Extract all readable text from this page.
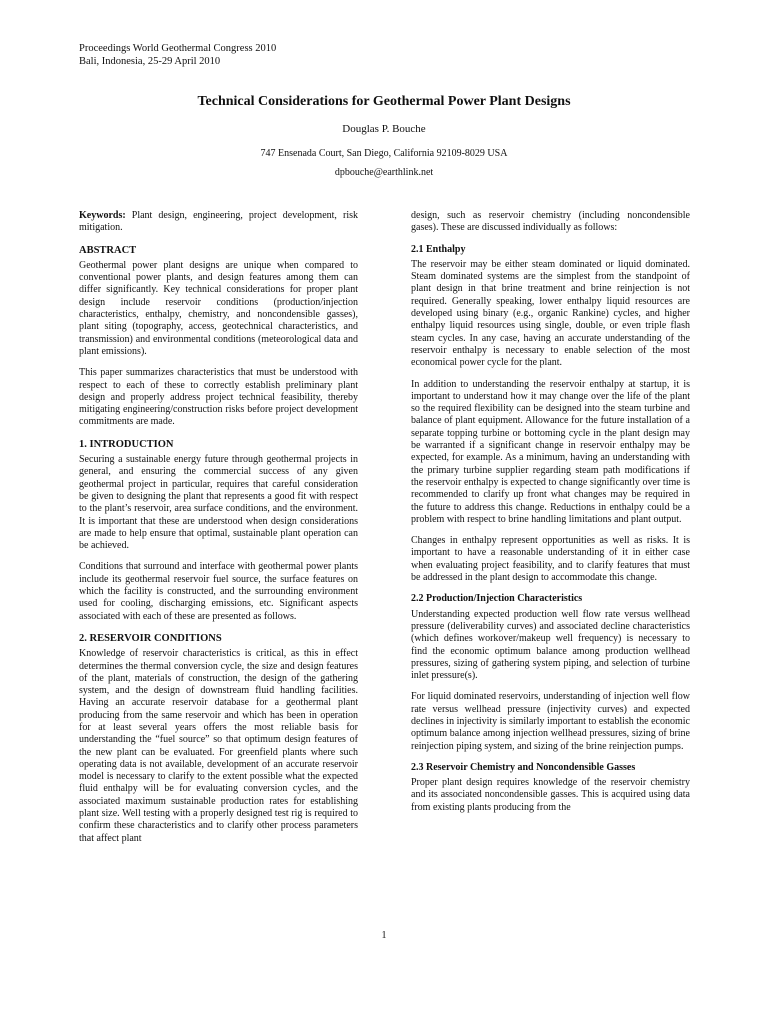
Proceedings World Geothermal Congress 2010
Bali, Indonesia, 25-29 April 2010
Technical Considerations for Geothermal Power Plant Designs
Douglas P. Bouche
747 Ensenada Court, San Diego, California 92109-8029 USA
dpbouche@earthlink.net

Keywords: Plant design, engineering, project development, risk mitigation.

ABSTRACT

Geothermal power plant designs are unique when compared to conventional power plants, and design features among them can differ significantly. Key technical considerations for proper plant design include reservoir conditions (production/injection characteristics, enthalpy, chemistry, and noncondensible gasses), plant siting (topography, access, geotechnical characteristics, and transmission) and environmental conditions (meteorological data and plant emissions).

This paper summarizes characteristics that must be understood with respect to each of these to correctly establish preliminary plant design and properly address project technical feasibility, thereby mitigating engineering/construction risks before project development commitments are made.

1. INTRODUCTION

Securing a sustainable energy future through geothermal projects in general, and ensuring the commercial success of any given geothermal project in particular, requires that careful consideration be given to designing the plant that represents a good fit with respect to the plant’s reservoir, area surface conditions, and the environment. It is important that these are understood when design considerations are made to help ensure that optimal, sustainable plant operation can be achieved.

Conditions that surround and interface with geothermal power plants include its geothermal reservoir fuel source, the surface features on which the facility is constructed, and the surrounding environment used for cooling, discharging emissions, etc. Significant aspects associated with each of these are presented as follows.

2. RESERVOIR CONDITIONS

Knowledge of reservoir characteristics is critical, as this in effect determines the thermal conversion cycle, the size and design features of the plant, materials of construction, the design of the gathering system, and the design of downstream fluid handling facilities. Having an accurate reservoir database for a geothermal plant producing from the same reservoir and which has been in operation for at least several years offers the most reliable basis for understanding the “fuel source” so that optimum design features of the new plant can be evaluated. For greenfield plants where such operating data is not available, development of an accurate reservoir model is necessary to clarify to the extent possible what the expected fluid enthalpy will be for evaluating conversion cycles, and the associated maximum sustainable production rates for establishing plant size. Well testing with a properly designed test rig is required to confirm these characteristics and to clarify other process parameters that affect plant

design, such as reservoir chemistry (including noncondensible gases). These are discussed individually as follows:

2.1 Enthalpy

The reservoir may be either steam dominated or liquid dominated. Steam dominated systems are the simplest from the standpoint of plant design in that brine treatment and brine reinjection is not required. Generally speaking, lower enthalpy liquid resources are developed using binary (e.g., organic Rankine) cycles, and higher enthalpy liquid resources using single, double, or even triple flash steam cycles. In any case, having an accurate understanding of the reservoir enthalpy is necessary to enable selection of the most economical power cycle for the plant.

In addition to understanding the reservoir enthalpy at startup, it is important to understand how it may change over the life of the plant so the required flexibility can be designed into the steam turbine and balance of plant equipment. Allowance for the future installation of a separate topping turbine or bottoming cycle in the plant design may be warranted if a significant change in reservoir enthalpy may be expected, for example. As a minimum, having an understanding with the primary turbine supplier regarding steam path modifications if the reservoir enthalpy is expected to change significantly over time is recommended to clarify up front what changes may be required in the future to address this change. Reductions in enthalpy could be a problem with respect to brine handling limitations and plant output.

Changes in enthalpy represent opportunities as well as risks. It is important to have a reasonable understanding of it in either case when evaluating project feasibility, and to clarify features that must be addressed in the plant design to accommodate this change.

2.2 Production/Injection Characteristics

Understanding expected production well flow rate versus wellhead pressure (deliverability curves) and associated decline characteristics (which defines workover/makeup well frequency) is necessary to find the economic optimum balance among production wellhead pressures, sizing of gathering system piping, and selection of turbine inlet pressure(s).

For liquid dominated reservoirs, understanding of injection well flow rate versus wellhead pressure (injectivity curves) and expected declines in injectivity is similarly important to establish the economic optimum balance among injection wellhead pressures, sizing of brine reinjection piping system, and sizing of the brine reinjection pumps.

2.3 Reservoir Chemistry and Noncondensible Gasses

Proper plant design requires knowledge of the reservoir chemistry and its associated noncondensible gasses. This is acquired using data from existing plants producing from the

1
